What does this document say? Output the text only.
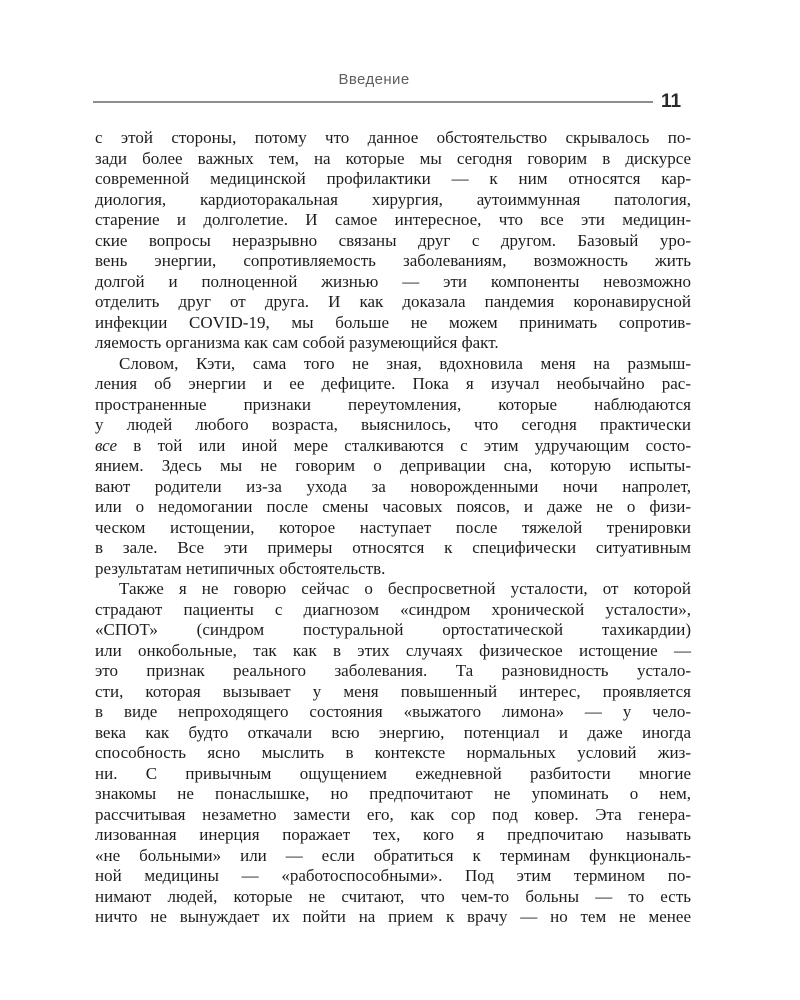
Введение
11
с этой стороны, потому что данное обстоятельство скрывалось по-
зади более важных тем, на которые мы сегодня говорим в дискурсе
современной медицинской профилактики — к ним относятся кар-
диология, кардиоторакальная хирургия, аутоиммунная патология,
старение и долголетие. И самое интересное, что все эти медицин-
ские вопросы неразрывно связаны друг с другом. Базовый уро-
вень энергии, сопротивляемость заболеваниям, возможность жить
долгой и полноценной жизнью — эти компоненты невозможно
отделить друг от друга. И как доказала пандемия коронавирусной
инфекции COVID-19, мы больше не можем принимать сопротив-
ляемость организма как сам собой разумеющийся факт.
Словом, Кэти, сама того не зная, вдохновила меня на размыш-
ления об энергии и ее дефиците. Пока я изучал необычайно рас-
пространенные признаки переутомления, которые наблюдаются
у людей любого возраста, выяснилось, что сегодня практически
все в той или иной мере сталкиваются с этим удручающим состо-
янием. Здесь мы не говорим о депривации сна, которую испыты-
вают родители из-за ухода за новорожденными ночи напролет,
или о недомогании после смены часовых поясов, и даже не о физи-
ческом истощении, которое наступает после тяжелой тренировки
в зале. Все эти примеры относятся к специфически ситуативным
результатам нетипичных обстоятельств.
Также я не говорю сейчас о беспросветной усталости, от которой
страдают пациенты с диагнозом «синдром хронической усталости»,
«СПОТ» (синдром постуральной ортостатической тахикардии)
или онкобольные, так как в этих случаях физическое истощение —
это признак реального заболевания. Та разновидность устало-
сти, которая вызывает у меня повышенный интерес, проявляется
в виде непроходящего состояния «выжатого лимона» — у чело-
века как будто откачали всю энергию, потенциал и даже иногда
способность ясно мыслить в контексте нормальных условий жиз-
ни. С привычным ощущением ежедневной разбитости многие
знакомы не понаслышке, но предпочитают не упоминать о нем,
рассчитывая незаметно замести его, как сор под ковер. Эта генера-
лизованная инерция поражает тех, кого я предпочитаю называть
«не больными» или — если обратиться к терминам функциональ-
ной медицины — «работоспособными». Под этим термином по-
нимают людей, которые не считают, что чем-то больны — то есть
ничто не вынуждает их пойти на прием к врачу — но тем не менее
